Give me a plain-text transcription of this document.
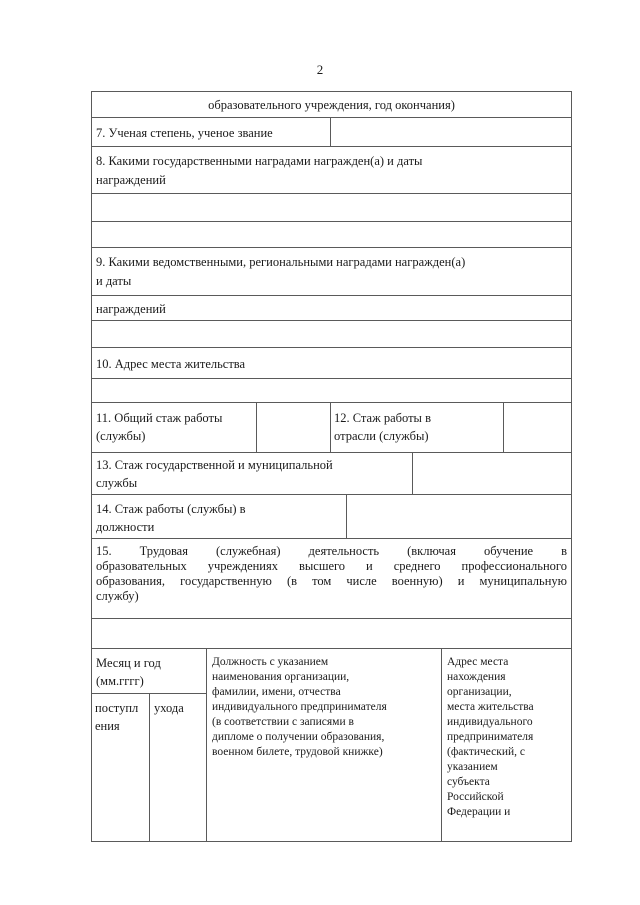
2
образовательного учреждения, год окончания)
7. Ученая степень, ученое звание
8. Какими государственными наградами награжден(а) и даты
награждений
9. Какими ведомственными, региональными наградами награжден(а)
и даты
награждений
10. Адрес места жительства
11. Общий стаж работы
(службы)
12. Стаж работы в
отрасли (службы)
13. Стаж государственной и муниципальной
службы
14. Стаж работы (службы) в
должности
15. Трудовая (служебная) деятельность (включая обучение в
образовательных учреждениях высшего и среднего профессионального
образования, государственную (в том числе военную) и муниципальную
службу)
Месяц и год
(мм.гггг)
поступл
ения
ухода
Должность с указанием
наименования организации,
фамилии, имени, отчества
индивидуального предпринимателя
(в соответствии с записями в
дипломе о получении образования,
военном билете, трудовой книжке)
Адрес места
нахождения
организации,
места жительства
индивидуального
предпринимателя
(фактический, с
указанием
субъекта
Российской
Федерации и
